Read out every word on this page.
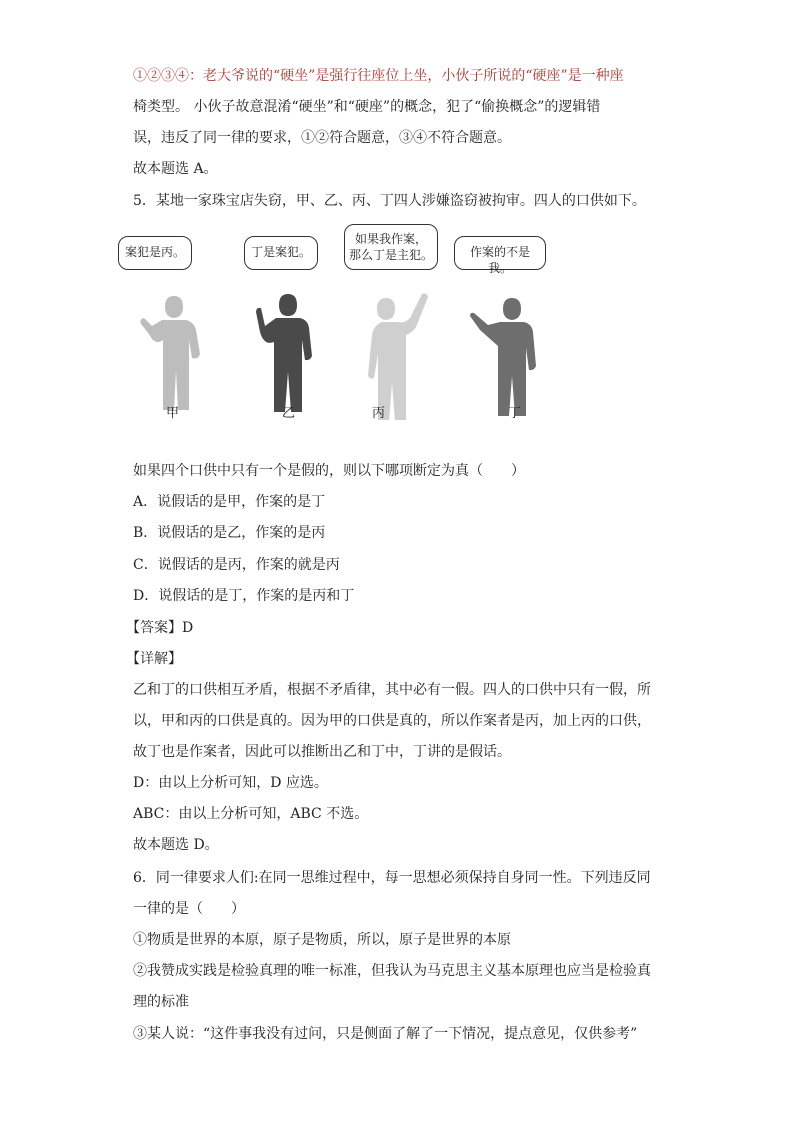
①②③④：老大爷说的“硬坐”是强行往座位上坐，小伙子所说的“硬座”是一种座
椅类型。 小伙子故意混淆“硬坐”和“硬座”的概念，犯了“偷换概念”的逻辑错
误，违反了同一律的要求，①②符合题意，③④不符合题意。
故本题选 A。
5．某地一家珠宝店失窃，甲、乙、丙、丁四人涉嫌盗窃被拘审。四人的口供如下。
案犯是丙。	丁是案犯。
如果我作案，
那么丁是主犯。	作案的不是我。
甲	乙	丙	丁
如果四个口供中只有一个是假的，则以下哪项断定为真（　　）
A．说假话的是甲，作案的是丁
B．说假话的是乙，作案的是丙
C．说假话的是丙，作案的就是丙
D．说假话的是丁，作案的是丙和丁
【答案】D
【详解】
乙和丁的口供相互矛盾，根据不矛盾律，其中必有一假。四人的口供中只有一假，所
以，甲和丙的口供是真的。因为甲的口供是真的，所以作案者是丙，加上丙的口供，
故丁也是作案者，因此可以推断出乙和丁中，丁讲的是假话。
D：由以上分析可知，D 应选。
ABC：由以上分析可知，ABC 不选。
故本题选 D。
6．同一律要求人们:在同一思维过程中，每一思想必须保持自身同一性。下列违反同
一律的是（　　）
①物质是世界的本原，原子是物质，所以，原子是世界的本原
②我赞成实践是检验真理的唯一标准，但我认为马克思主义基本原理也应当是检验真
理的标准
③某人说：“这件事我没有过问，只是侧面了解了一下情况，提点意见，仅供参考”
